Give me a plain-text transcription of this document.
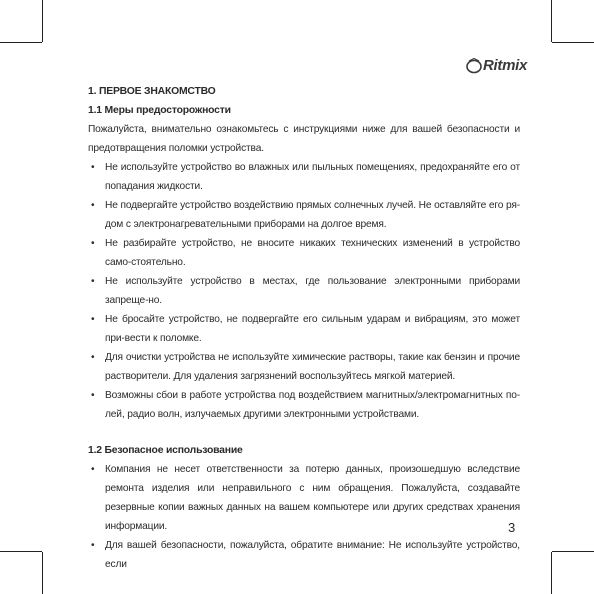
Ritmix

1. ПЕРВОЕ ЗНАКОМСТВО

1.1 Меры предосторожности

Пожалуйста, внимательно ознакомьтесь с инструкциями ниже для вашей безопасности и предотвращения поломки устройства.

• Не используйте устройство во влажных или пыльных помещениях, предохраняйте его от попадания жидкости.
• Не подвергайте устройство воздействию прямых солнечных лучей. Не оставляйте его ря-дом с электронагревательными приборами на долгое время.
• Не разбирайте устройство, не вносите никаких технических изменений в устройство само-стоятельно.
• Не используйте устройство в местах, где пользование электронными приборами запреще-но.
• Не бросайте устройство, не подвергайте его сильным ударам и вибрациям, это может при-вести к поломке.
• Для очистки устройства не используйте химические растворы, такие как бензин и прочие растворители. Для удаления загрязнений воспользуйтесь мягкой материей.
• Возможны сбои в работе устройства под воздействием магнитных/электромагнитных по-лей, радио волн, излучаемых другими электронными устройствами.

1.2 Безопасное использование

• Компания не несет ответственности за потерю данных, произошедшую вследствие ремонта изделия или неправильного с ним обращения. Пожалуйста, создавайте резервные копии важных данных на вашем компьютере или других средствах хранения информации.
• Для вашей безопасности, пожалуйста, обратите внимание: Не используйте устройство, если
3
